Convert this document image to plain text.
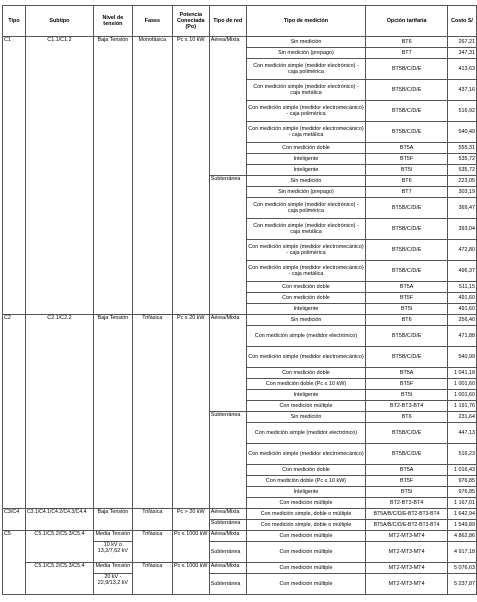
Tipo	Subtipo	Nivel de tensión	Fases	Potencia Conectada (Po)	Tipo de red	Tipo de medición	Opción tarifaria	Costo S/
C1	C1.1/C1.2	Baja Tensión	Monofásica	Pc ≤ 10 kW	Aérea/Mixta	Sin medición	BT6	267,21
						Sin medición (prepago)	BT7	347,31
						Con medición simple (medidor electrónico) - caja polimérica	BT5B/C/D/E	413,63
						Con medición simple (medidor electrónico) - caja metálica	BT5B/C/D/E	437,16
						Con medición simple (medidor electromecánico) - caja polimérica	BT5B/C/D/E	516,92
						Con medición simple (medidor electromecánico) - caja metálica	BT5B/C/D/E	540,49
						Con medición doble	BT5A	555,31
						Inteligente	BT5F	535,72
						Inteligente	BT5I	535,72
					Subterránea	Sin medición	BT6	223,05
						Sin medición (prepago)	BT7	303,19
						Con medición simple (medidor electrónico) - caja polimérica	BT5B/C/D/E	369,47
						Con medición simple (medidor electrónico) - caja metálica	BT5B/C/D/E	393,04
						Con medición simple (medidor electromecánico) - caja polimérica	BT5B/C/D/E	472,80
						Con medición simple (medidor electromecánico) - caja metálica	BT5B/C/D/E	496,37
						Con medición doble	BT5A	511,15
						Con medición doble	BT5F	491,60
						Inteligente	BT5I	491,60
C2	C2.1/C2.2	Baja Tensión	Trifásica	Pc ≤ 20 kW	Aérea/Mixta	Sin medición	BT6	256,40
						Con medición simple (medidor electrónico)	BT5B/C/D/E	471,88
						Con medición simple (medidor electromecánico)	BT5B/C/D/E	540,99
						Con medición doble	BT5A	1 041,18
						Con medición doble (Pc ≤ 10 kW)	BT5F	1 001,60
						Inteligente	BT5I	1 001,60
						Con medición múltiple	BT2-BT3-BT4	1 191,76
					Subterránea	Sin medición	BT6	231,64
						Con medición simple (medidor electrónico)	BT5B/C/D/E	447,13
						Con medición simple (medidor electromecánico)	BT5B/C/D/E	516,23
						Con medición doble	BT5A	1 016,43
						Con medición doble (Pc ≤ 10 kW)	BT5F	976,85
						Inteligente	BT5I	976,85
						Con medición múltiple	BT2-BT3-BT4	1 167,01
C3/C4	C3.1/C4.1/C4.2/C4.3/C4.4	Baja Tensión	Trifásica	Pc > 20 kW	Aérea/Mixta	Con medición simple, doble o múltiple	BT5A/B/C/D/E-BT2-BT3-BT4	1 642,94
					Subterránea	Con medición simple, doble o múltiple	BT5A/B/C/D/E-BT2-BT3-BT4	1 549,89
C5	C5.1/C5.2/C5.3/C5.4	Media Tensión	Trifásica	Pc ≤ 1000 kW	Aérea/Mixta	Con medición múltiple	MT2-MT3-MT4	4 862,86
		10 kV o 13,2/7,62 kV			Subterránea	Con medición múltiple	MT2-MT3-MT4	4 917,18
	C5.1/C5.2/C5.3/C5.4	Media Tensión	Trifásica	Pc ≤ 1000 kW	Aérea/Mixta	Con medición múltiple	MT2-MT3-MT4	5 076,63
		20 kV - 22,9/13,2 kV			Subterránea	Con medición múltiple	MT2-MT3-MT4	5 237,87
